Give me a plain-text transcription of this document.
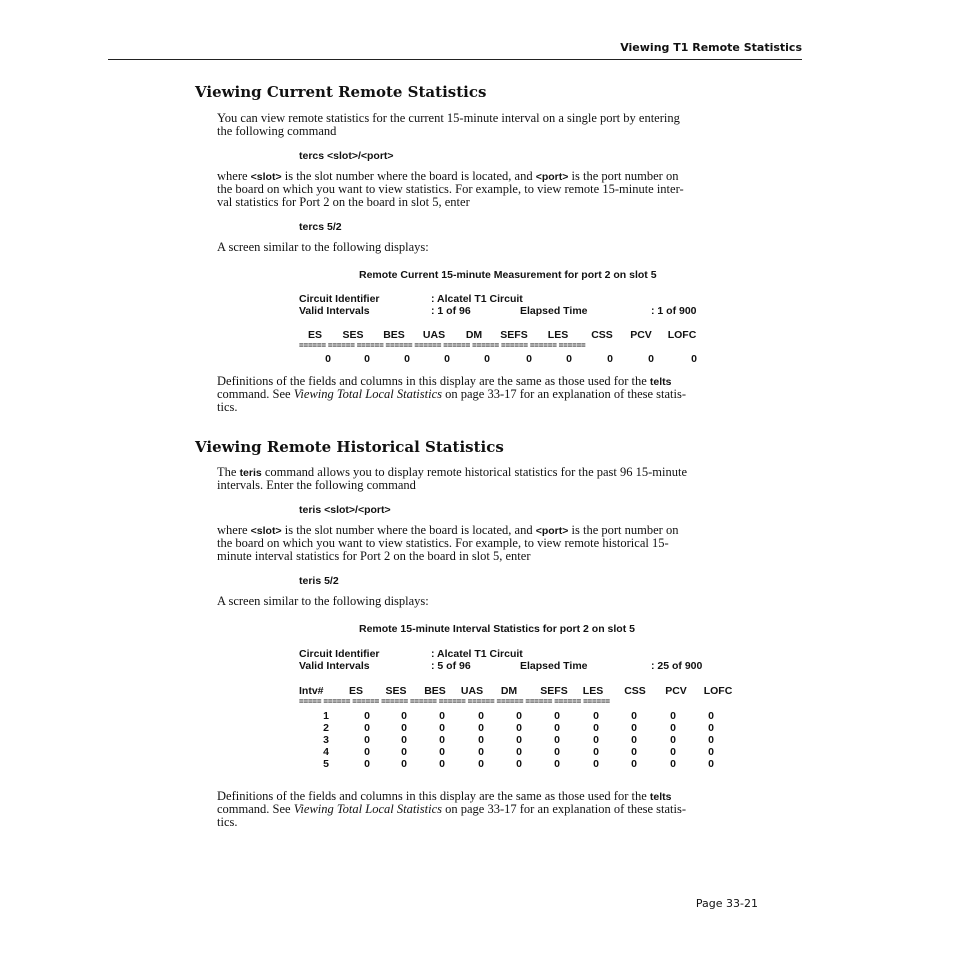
Viewing T1 Remote Statistics
Viewing Current Remote Statistics
You can view remote statistics for the current 15-minute interval on a single port by entering
the following command
tercs <slot>/<port>
where <slot> is the slot number where the board is located, and <port> is the port number on
the board on which you want to view statistics. For example, to view remote 15-minute inter-
val statistics for Port 2 on the board in slot 5, enter
tercs 5/2
A screen similar to the following displays:
Remote Current 15-minute Measurement for port 2 on slot 5
Circuit Identifier	: Alcatel T1 Circuit
Valid Intervals	: 1 of 96	Elapsed Time	: 1 of 900
ES	SES	BES	UAS	DM	SEFS	LES	CSS	PCV	LOFC
====== ====== ====== ====== ====== ====== ====== ====== ====== ======
0	0	0	0	0	0	0	0	0	0
Definitions of the fields and columns in this display are the same as those used for the telts
command. See Viewing Total Local Statistics on page 33-17 for an explanation of these statis-
tics.
Viewing Remote Historical Statistics
The teris command allows you to display remote historical statistics for the past 96 15-minute
intervals. Enter the following command
teris <slot>/<port>
where <slot> is the slot number where the board is located, and <port> is the port number on
the board on which you want to view statistics. For example, to view remote historical 15-
minute interval statistics for Port 2 on the board in slot 5, enter
teris 5/2
A screen similar to the following displays:
Remote 15-minute Interval Statistics for port 2 on slot 5
Circuit Identifier	: Alcatel T1 Circuit
Valid Intervals	: 5 of 96	Elapsed Time	: 25 of 900
Intv#	ES	SES	BES	UAS	DM	SEFS	LES	CSS	PCV	LOFC
===== ====== ====== ====== ====== ====== ====== ====== ====== ====== ======
1	0	0	0	0	0	0	0	0	0	0
2	0	0	0	0	0	0	0	0	0	0
3	0	0	0	0	0	0	0	0	0	0
4	0	0	0	0	0	0	0	0	0	0
5	0	0	0	0	0	0	0	0	0	0
Definitions of the fields and columns in this display are the same as those used for the telts
command. See Viewing Total Local Statistics on page 33-17 for an explanation of these statis-
tics.
Page 33-21
